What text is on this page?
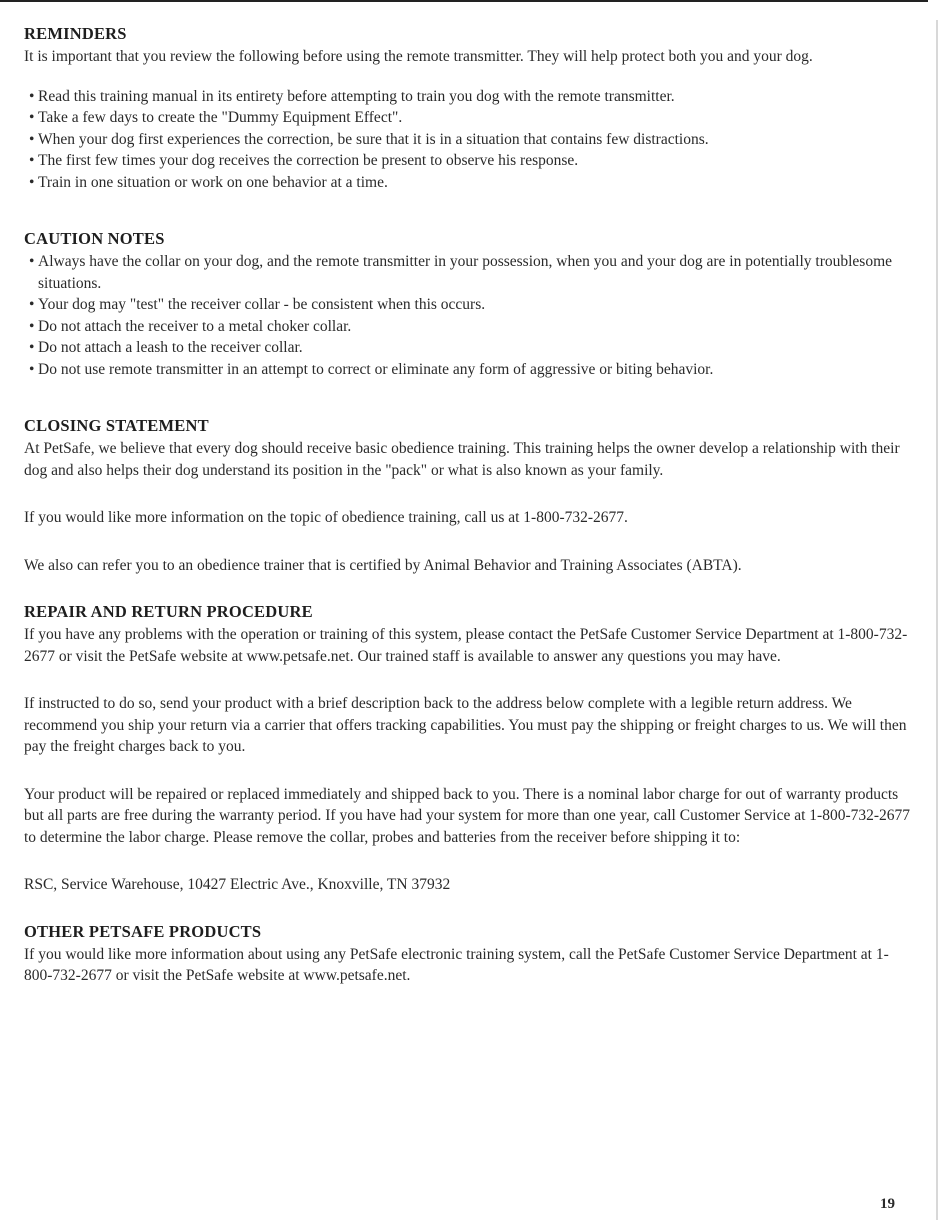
REMINDERS

It is important that you review the following before using the remote transmitter. They will help protect both you and your dog.

• Read this training manual in its entirety before attempting to train you dog with the remote transmitter.
• Take a few days to create the "Dummy Equipment Effect".
• When your dog first experiences the correction, be sure that it is in a situation that contains few distractions.
• The first few times your dog receives the correction be present to observe his response.
• Train in one situation or work on one behavior at a time.
CAUTION NOTES
• Always have the collar on your dog, and the remote transmitter in your possession, when you and your dog are in potentially troublesome situations.
• Your dog may "test" the receiver collar - be consistent when this occurs.
• Do not attach the receiver to a metal choker collar.
• Do not attach a leash to the receiver collar.
• Do not use remote transmitter in an attempt to correct or eliminate any form of aggressive or biting behavior.
CLOSING STATEMENT

At PetSafe, we believe that every dog should receive basic obedience training. This training helps the owner develop a relationship with their dog and also helps their dog understand its position in the "pack" or what is also known as your family.

If you would like more information on the topic of obedience training, call us at 1-800-732-2677.

We also can refer you to an obedience trainer that is certified by Animal Behavior and Training Associates (ABTA).

REPAIR AND RETURN PROCEDURE

If you have any problems with the operation or training of this system, please contact the PetSafe Customer Service Department at 1-800-732-2677 or visit the PetSafe website at www.petsafe.net. Our trained staff is available to answer any questions you may have.

If instructed to do so, send your product with a brief description back to the address below complete with a legible return address. We recommend you ship your return via a carrier that offers tracking capabilities. You must pay the shipping or freight charges to us. We will then pay the freight charges back to you.

Your product will be repaired or replaced immediately and shipped back to you. There is a nominal labor charge for out of warranty products but all parts are free during the warranty period. If you have had your system for more than one year, call Customer Service at 1-800-732-2677 to determine the labor charge. Please remove the collar, probes and batteries from the receiver before shipping it to:

RSC, Service Warehouse, 10427 Electric Ave., Knoxville, TN 37932

OTHER PETSAFE PRODUCTS

If you would like more information about using any PetSafe electronic training system, call the PetSafe Customer Service Department at 1-800-732-2677 or visit the PetSafe website at www.petsafe.net.

19
